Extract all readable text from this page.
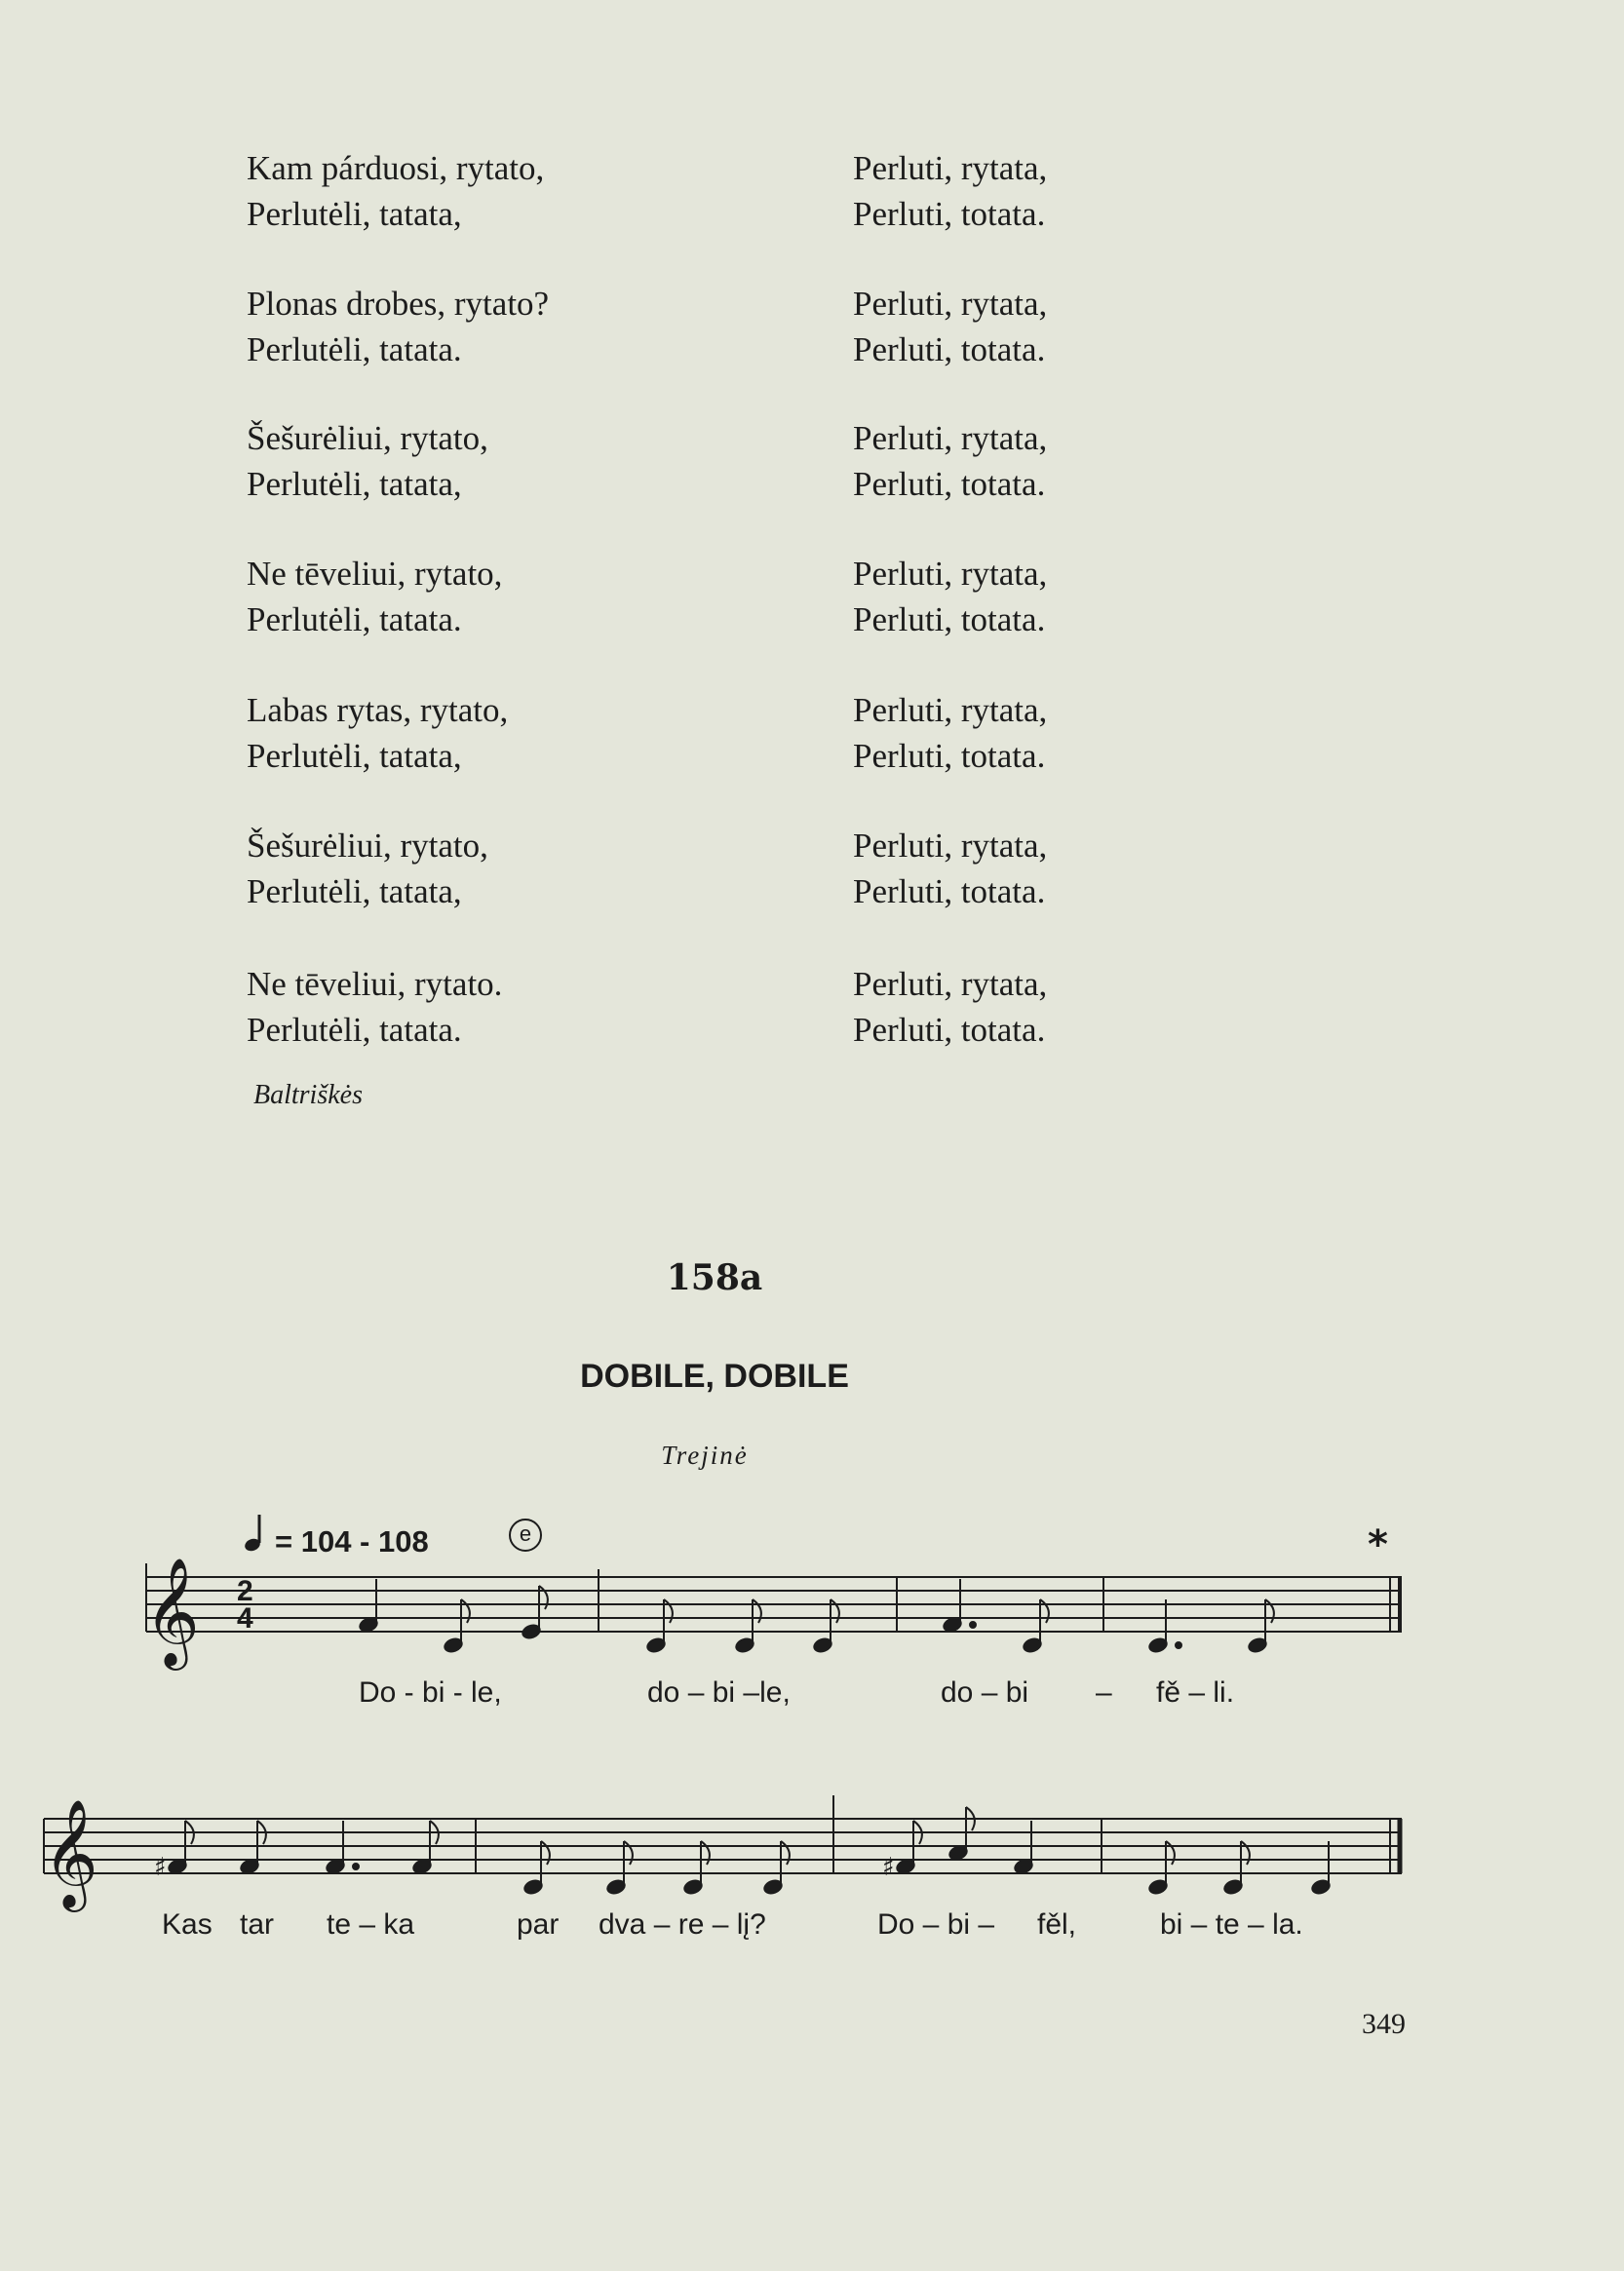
Kam párduosi, rytato,
Perlutėli, tatata,
Perluti, rytata,
Perluti, totata.
Plonas drobes, rytato?
Perlutėli, tatata.
Perluti, rytata,
Perluti, totata.
Šešurėliui, rytato,
Perlutėli, tatata,
Perluti, rytata,
Perluti, totata.
Ne tēveliui, rytato,
Perlutėli, tatata.
Perluti, rytata,
Perluti, totata.
Labas rytas, rytato,
Perlutėli, tatata,
Perluti, rytata,
Perluti, totata.
Šešurėliui, rytato,
Perlutėli, tatata,
Perluti, rytata,
Perluti, totata.
Ne tēveliui, rytato.
Perlutėli, tatata.
Perluti, rytata,
Perluti, totata.
Baltriškės
158a
DOBILE, DOBILE
Trejinė
= 104 - 108	e	*
𝄞 2
4
Do - bi - le,	do – bi –le,	do – bi – fě – li.
𝄞 ♯	♯
Kas tar te – ka	par dva – re – lį?	Do – bi – fěl,	bi – te – la.
349
